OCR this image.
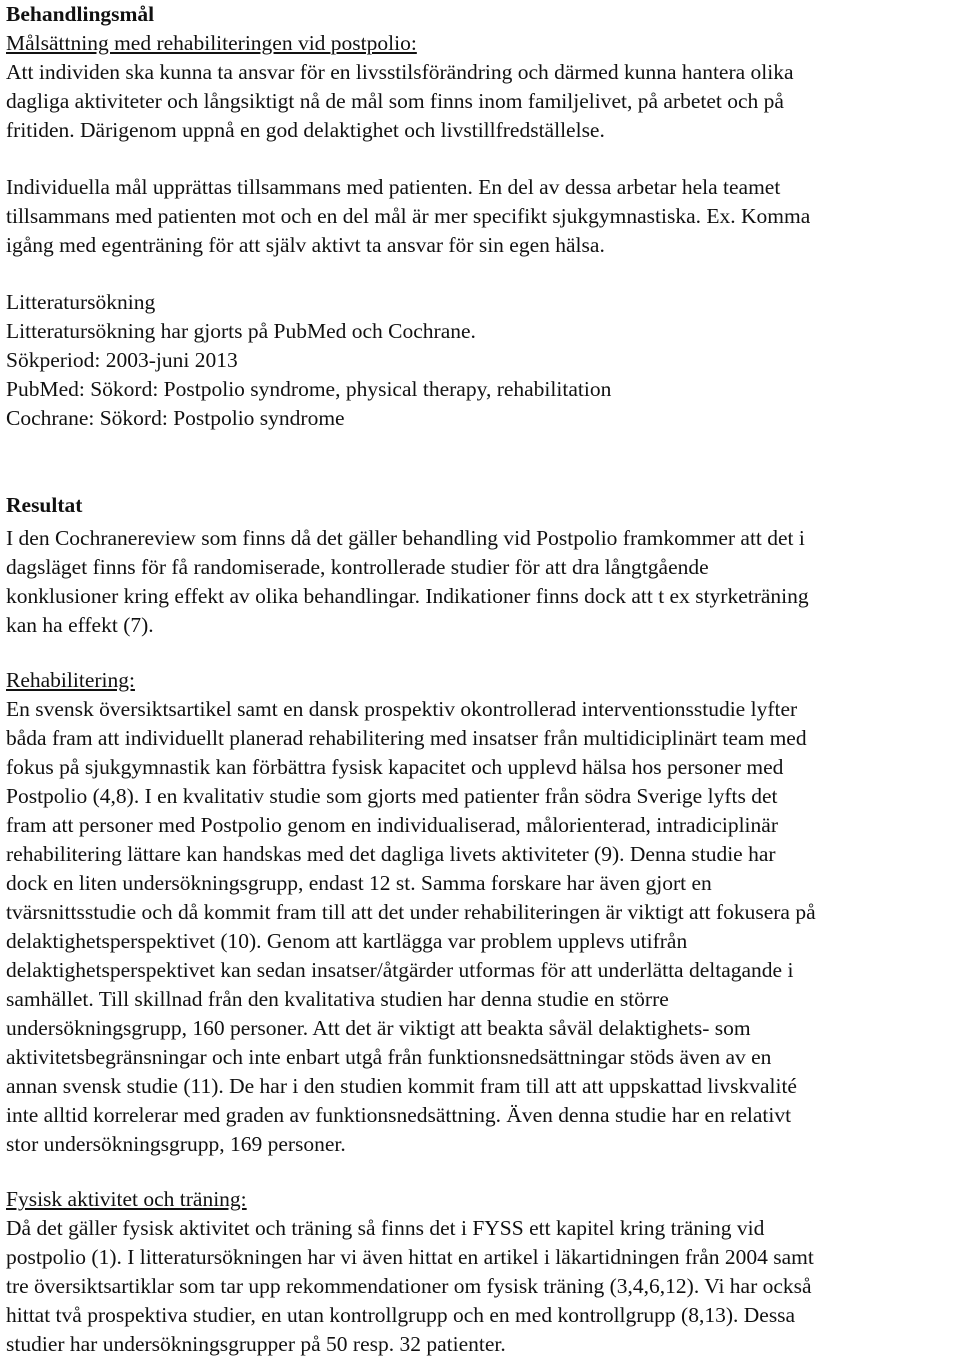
Behandlingsmål

Målsättning med rehabiliteringen vid postpolio:

Att individen ska kunna ta ansvar för en livsstilsförändring och därmed kunna hantera olika

dagliga aktiviteter och långsiktigt nå de mål som finns inom familjelivet, på arbetet och på

fritiden. Därigenom uppnå en god delaktighet och livstillfredställelse.

Individuella mål upprättas tillsammans med patienten. En del av dessa arbetar hela teamet

tillsammans med patienten mot och en del mål är mer specifikt sjukgymnastiska. Ex. Komma

igång med egenträning för att själv aktivt ta ansvar för sin egen hälsa.

Litteratursökning

Litteratursökning har gjorts på PubMed och Cochrane.

Sökperiod: 2003-juni 2013

PubMed: Sökord: Postpolio syndrome, physical therapy, rehabilitation

Cochrane: Sökord: Postpolio syndrome

Resultat

I den Cochranereview som finns då det gäller behandling vid Postpolio framkommer att det i

dagsläget finns för få randomiserade, kontrollerade studier för att dra långtgående

konklusioner kring effekt av olika behandlingar. Indikationer finns dock att t ex styrketräning

kan ha effekt (7).

Rehabilitering:

En svensk översiktsartikel samt en dansk prospektiv okontrollerad interventionsstudie lyfter

båda fram att individuellt planerad rehabilitering med insatser från multidiciplinärt team med

fokus på sjukgymnastik kan förbättra fysisk kapacitet och upplevd hälsa hos personer med

Postpolio (4,8). I en kvalitativ studie som gjorts med patienter från södra Sverige lyfts det

fram att personer med Postpolio genom en individualiserad, målorienterad, intradiciplinär

rehabilitering lättare kan handskas med det dagliga livets aktiviteter (9). Denna studie har

dock en liten undersökningsgrupp, endast 12 st. Samma forskare har även gjort en

tvärsnittsstudie och då kommit fram till att det under rehabiliteringen är viktigt att fokusera på

delaktighetsperspektivet (10). Genom att kartlägga var problem upplevs utifrån

delaktighetsperspektivet kan sedan insatser/åtgärder utformas för att underlätta deltagande i

samhället. Till skillnad från den kvalitativa studien har denna studie en större

undersökningsgrupp, 160 personer. Att det är viktigt att beakta såväl delaktighets- som

aktivitetsbegränsningar och inte enbart utgå från funktionsnedsättningar stöds även av en

annan svensk studie (11). De har i den studien kommit fram till att att uppskattad livskvalité

inte alltid korrelerar med graden av funktionsnedsättning. Även denna studie har en relativt

stor undersökningsgrupp, 169 personer.

Fysisk aktivitet och träning:

Då det gäller fysisk aktivitet och träning så finns det i FYSS ett kapitel kring träning vid

postpolio (1). I litteratursökningen har vi även hittat en artikel i läkartidningen från 2004 samt

tre översiktsartiklar som tar upp rekommendationer om fysisk träning (3,4,6,12). Vi har också

hittat två prospektiva studier, en utan kontrollgrupp och en med kontrollgrupp (8,13). Dessa

studier har undersökningsgrupper på 50 resp. 32 patienter.
